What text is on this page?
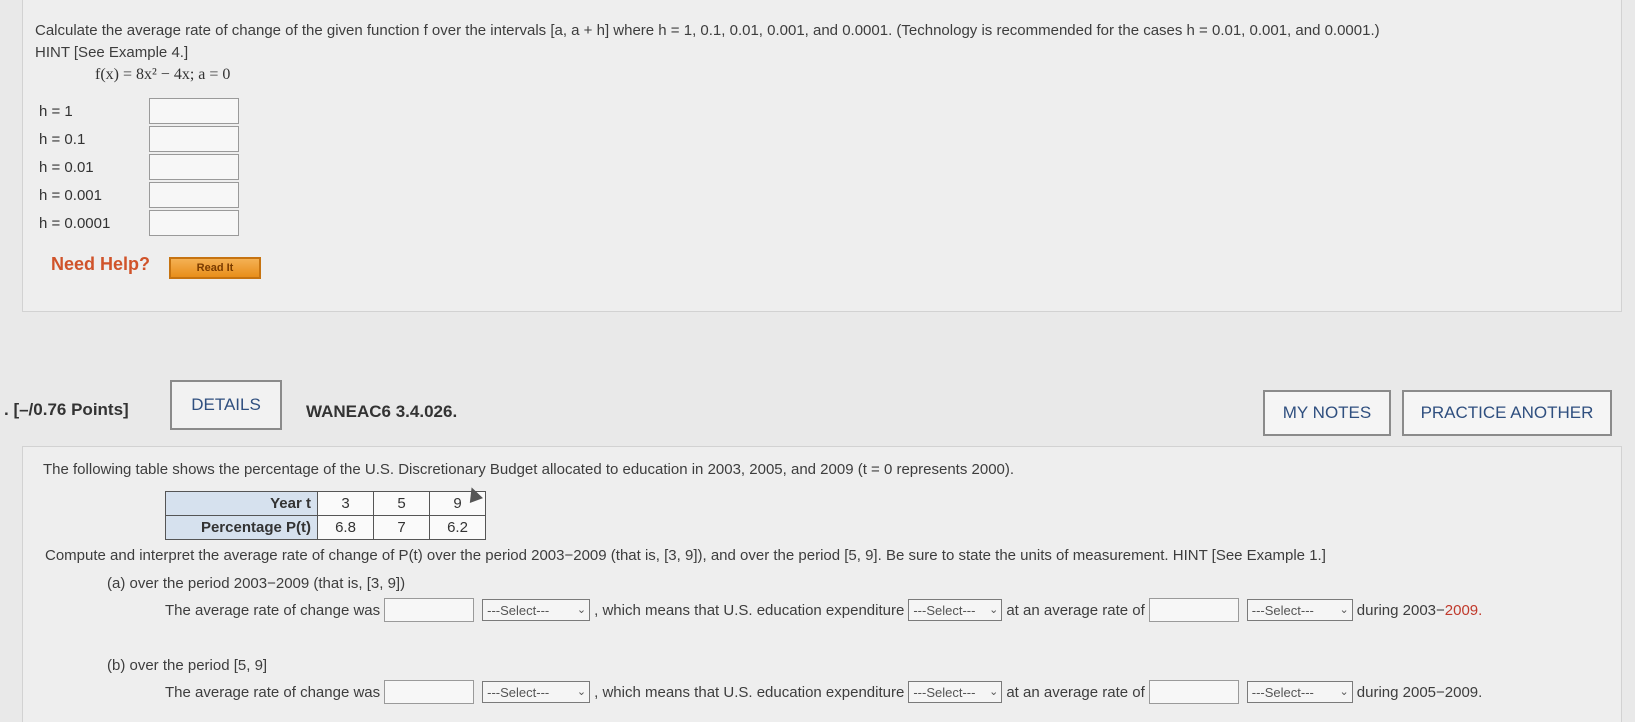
Calculate the average rate of change of the given function f over the intervals [a, a + h] where h = 1, 0.1, 0.01, 0.001, and 0.0001. (Technology is recommended for the cases h = 0.01, 0.001, and 0.0001.)
HINT [See Example 4.]
f(x) = 8x² − 4x; a = 0
h = 1
h = 0.1
h = 0.01
h = 0.001
h = 0.0001
Need Help?	Read It
. [–/0.76 Points]	DETAILS	WANEAC6 3.4.026.	MY NOTES	PRACTICE ANOTHER
The following table shows the percentage of the U.S. Discretionary Budget allocated to education in 2003, 2005, and 2009 (t = 0 represents 2000).
Year t	3	5	9
Percentage P(t)	6.8	7	6.2
Compute and interpret the average rate of change of P(t) over the period 2003−2009 (that is, [3, 9]), and over the period [5, 9]. Be sure to state the units of measurement. HINT [See Example 1.]
(a) over the period 2003−2009 (that is, [3, 9])
The average rate of change was	---Select---	⌄ , which means that U.S. education expenditure ---Select--- ⌄ at an average rate of	---Select--- ⌄ during 2003−2009.
(b) over the period [5, 9]
The average rate of change was	---Select---	⌄ , which means that U.S. education expenditure ---Select--- ⌄ at an average rate of	---Select--- ⌄ during 2005−2009.
